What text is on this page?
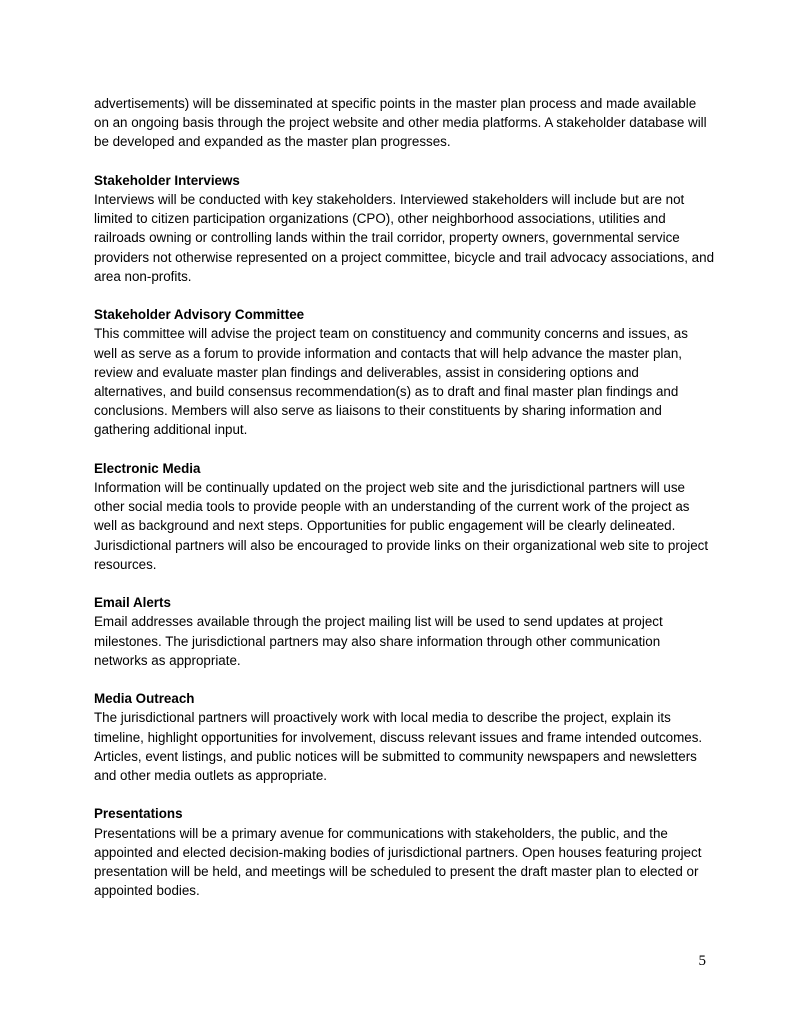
advertisements) will be disseminated at specific points in the master plan process and made available on an ongoing basis through the project website and other media platforms. A stakeholder database will be developed and expanded as the master plan progresses.

Stakeholder Interviews

Interviews will be conducted with key stakeholders. Interviewed stakeholders will include but are not limited to citizen participation organizations (CPO), other neighborhood associations, utilities and railroads owning or controlling lands within the trail corridor, property owners, governmental service providers not otherwise represented on a project committee, bicycle and trail advocacy associations, and area non-profits.

Stakeholder Advisory Committee

This committee will advise the project team on constituency and community concerns and issues, as well as serve as a forum to provide information and contacts that will help advance the master plan, review and evaluate master plan findings and deliverables, assist in considering options and alternatives, and build consensus recommendation(s) as to draft and final master plan findings and conclusions. Members will also serve as liaisons to their constituents by sharing information and gathering additional input.

Electronic Media

Information will be continually updated on the project web site and the jurisdictional partners will use other social media tools to provide people with an understanding of the current work of the project as well as background and next steps. Opportunities for public engagement will be clearly delineated. Jurisdictional partners will also be encouraged to provide links on their organizational web site to project resources.

Email Alerts

Email addresses available through the project mailing list will be used to send updates at project milestones. The jurisdictional partners may also share information through other communication networks as appropriate.

Media Outreach

The jurisdictional partners will proactively work with local media to describe the project, explain its timeline, highlight opportunities for involvement, discuss relevant issues and frame intended outcomes. Articles, event listings, and public notices will be submitted to community newspapers and newsletters and other media outlets as appropriate.

Presentations

Presentations will be a primary avenue for communications with stakeholders, the public, and the appointed and elected decision-making bodies of jurisdictional partners. Open houses featuring project presentation will be held, and meetings will be scheduled to present the draft master plan to elected or appointed bodies.

5
